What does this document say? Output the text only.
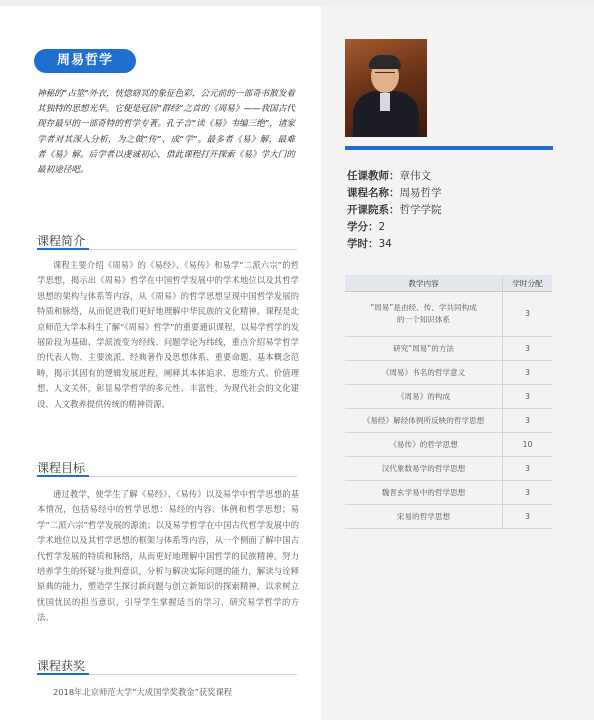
周易哲学

神秘的“占筮”外衣，恍惚窈冥的象征色彩，公元前的一部奇书散发着其独特的思想光华。它便是冠居“群经”之首的《周易》——我国古代现存最早的一部奇特的哲学专著。孔子言“读《易》韦编三绝”，诸家学者对其深入分析，为之做“传”、成“学”。最多者《易》解，最难者《易》解。后学者以虔诚初心，借此课程打开探索《易》学大门的最初途径吧。

课程简介

课程主要介绍《周易》的《易经》、《易传》和易学“二派六宗”的哲学思想，揭示出《周易》哲学在中国哲学发展中的学术地位以及其哲学思想的架构与体系等内容，从《周易》的哲学思想呈现中国哲学发展的特质和脉络，从而促进我们更好地理解中华民族的文化精神。课程是北京师范大学本科生了解“《周易》哲学”的重要通识课程，以易学哲学的发展阶段为基础、学派流变为经线、问题学论为纬线，重点介绍易学哲学的代表人物、主要流派、经典著作及思想体系、重要命题、基本概念范畴，揭示其固有的逻辑发展进程，阐释其本体追求、思维方式、价值理想、人文关怀，彰显易学哲学的多元性、丰富性，为现代社会的文化建设、人文教养提供传统的精神资源。

课程目标

通过教学，使学生了解《易经》、《易传》以及易学中哲学思想的基本情况，包括易经中的哲学思想：易经的内容、体例和哲学思想；易学“二派六宗”哲学发展的源流；以及易学哲学在中国古代哲学发展中的学术地位以及其哲学思想的框架与体系等内容，从一个侧面了解中国古代哲学发展的特质和脉络，从而更好地理解中国哲学的民族精神。努力培养学生的怀疑与批判意识，分析与解决实际问题的能力，解读与诠释原典的能力，塑造学生探讨新问题与创立新知识的探索精神，以求树立忧国忧民的担当意识，引导学生掌握适当的学习、研究易学哲学的方法。

课程获奖

2018年北京师范大学“大成国学奖教金”获奖课程

任课教师：章伟文
课程名称：周易哲学
开课院系：哲学学院
学分：2
学时：34
教学内容	学时分配

“周易”是由经、传、学共同构成
的一个知识体系	3
研究“周易”的方法	3
《周易》书名的哲学意义	3
《周易》的构成	3
《易经》解经体例所反映的哲学思想	3
《易传》的哲学思想	10
汉代象数易学的哲学思想	3
魏晋玄学易中的哲学思想	3
宋易的哲学思想	3
